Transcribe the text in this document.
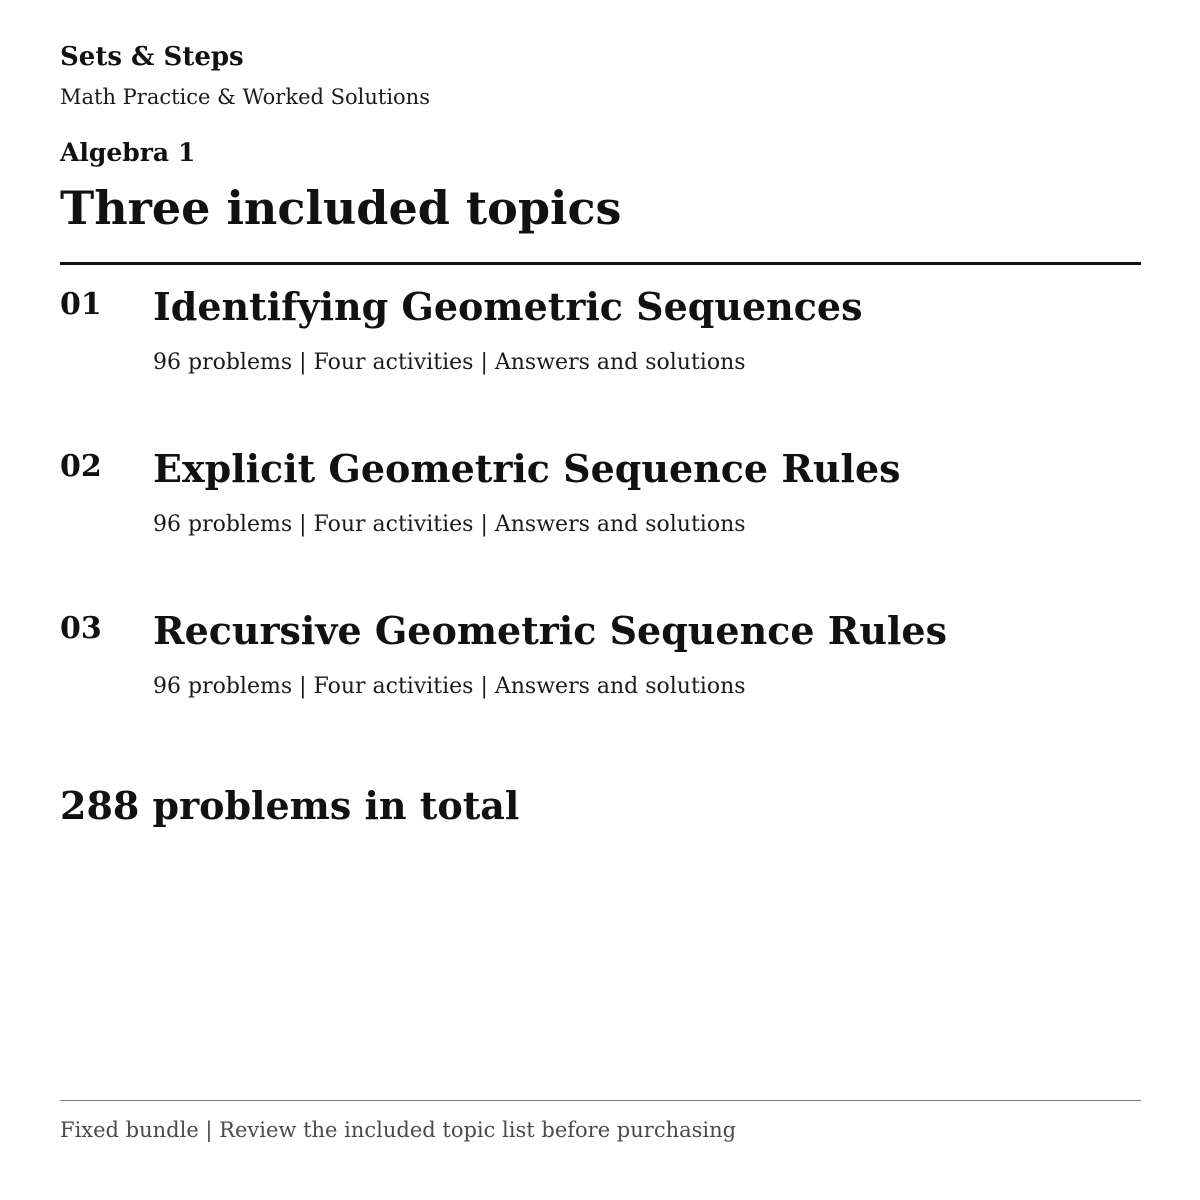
Sets & Steps
Math Practice & Worked Solutions
Algebra 1
Three included topics
01 Identifying Geometric Sequences
96 problems | Four activities | Answers and solutions
02 Explicit Geometric Sequence Rules
96 problems | Four activities | Answers and solutions
03 Recursive Geometric Sequence Rules
96 problems | Four activities | Answers and solutions
288 problems in total
Fixed bundle | Review the included topic list before purchasing
